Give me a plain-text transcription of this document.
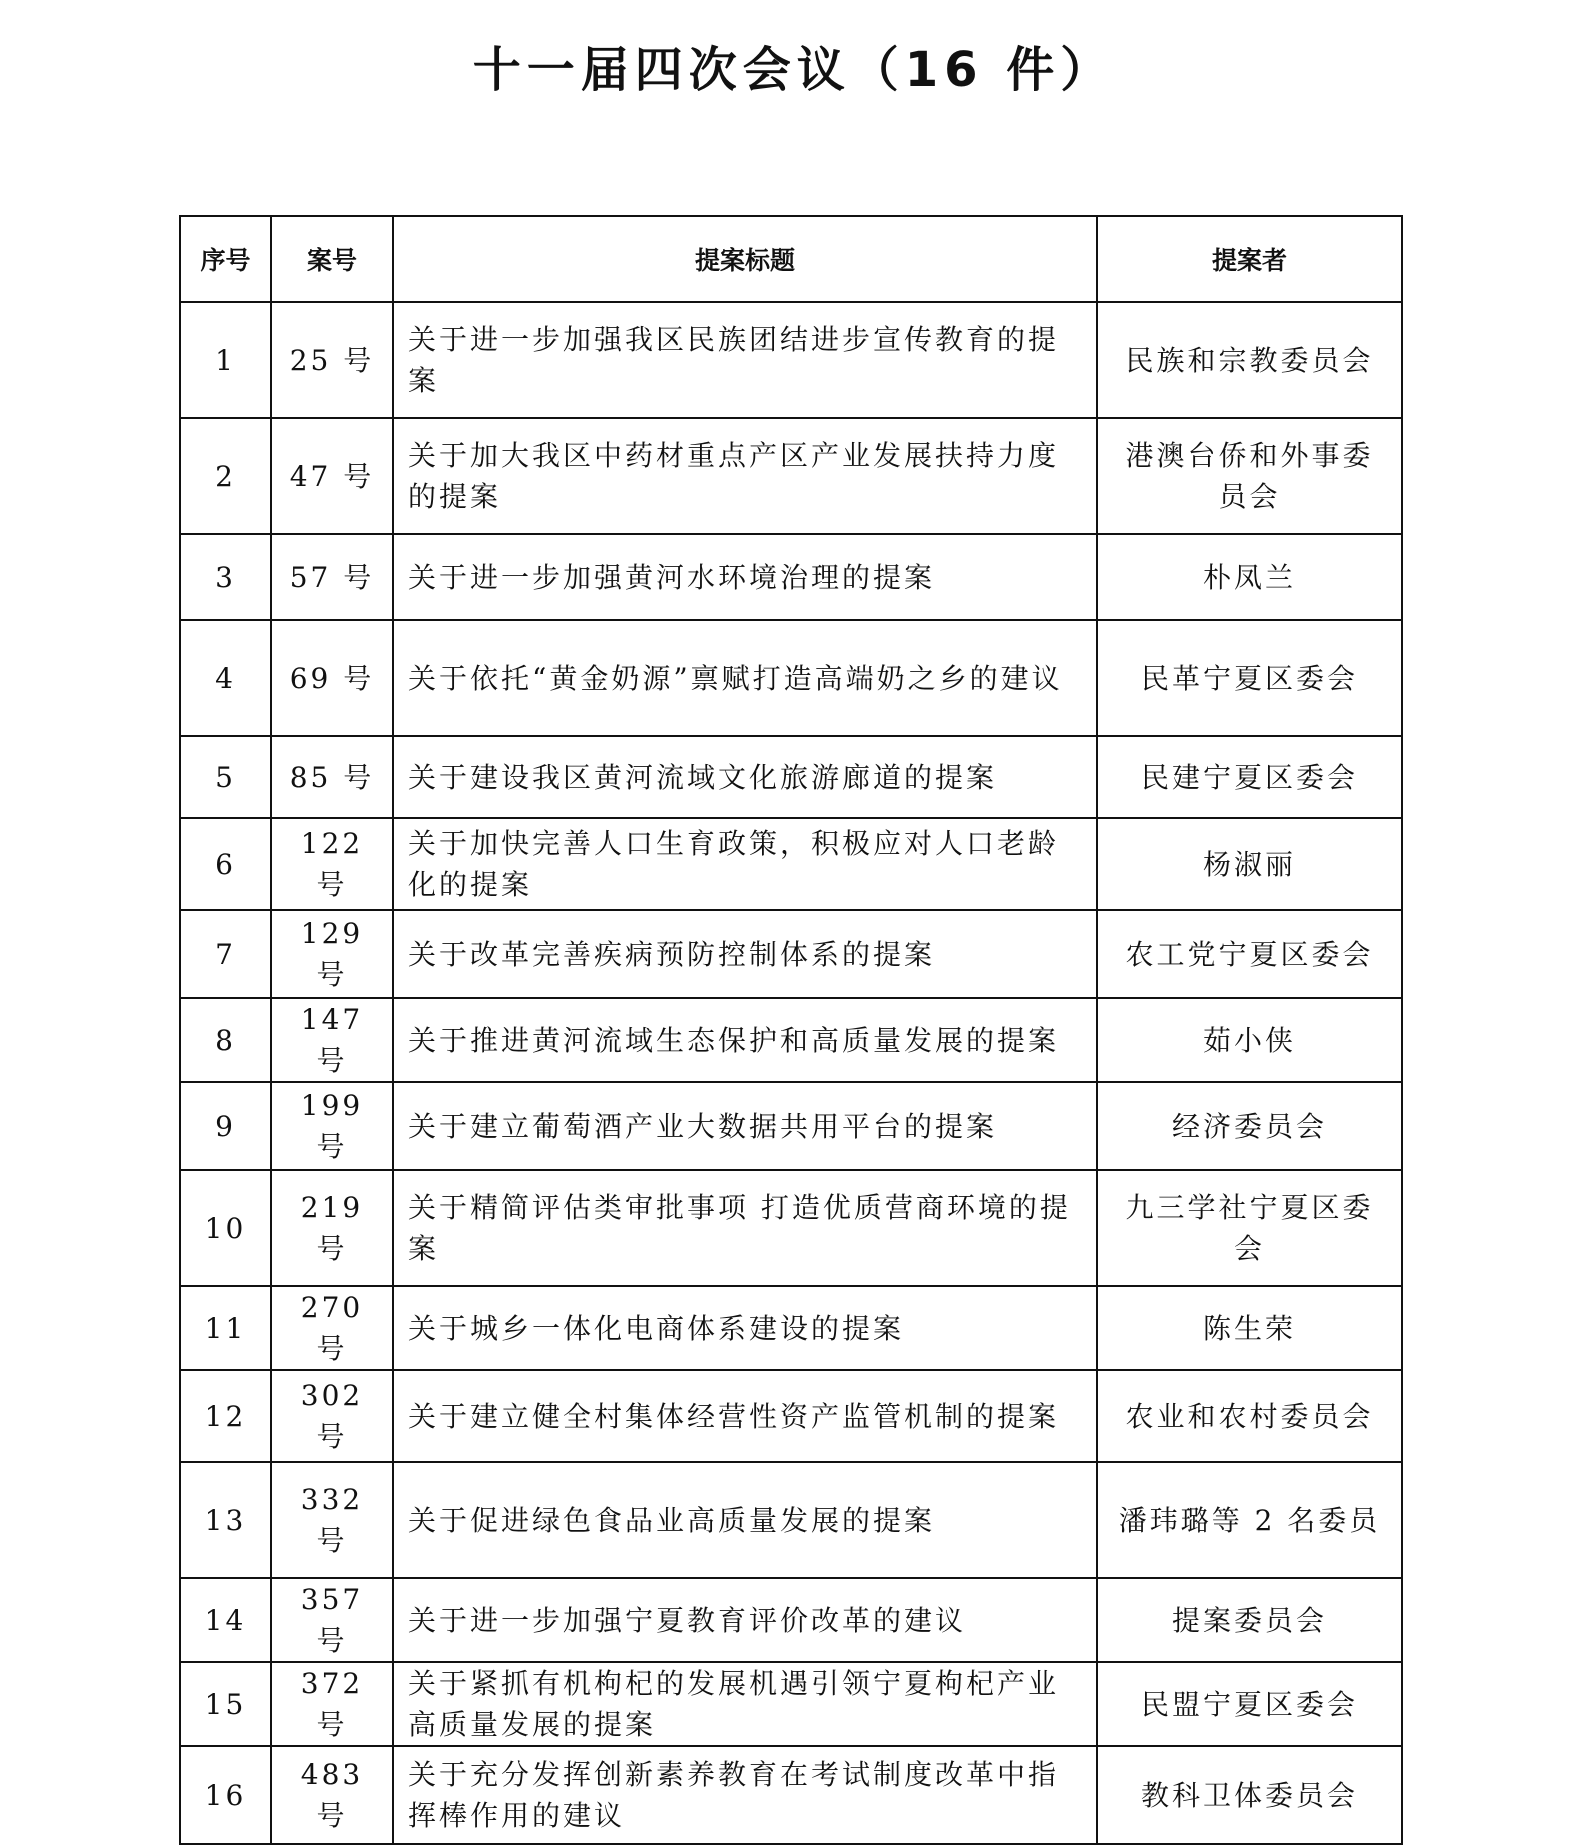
十一届四次会议（16 件）
序号	案号	提案标题	提案者
1	25 号	关于进一步加强我区民族团结进步宣传教育的提案	民族和宗教委员会
2	47 号	关于加大我区中药材重点产区产业发展扶持力度的提案	港澳台侨和外事委员会
3	57 号	关于进一步加强黄河水环境治理的提案	朴凤兰
4	69 号	关于依托“黄金奶源”禀赋打造高端奶之乡的建议	民革宁夏区委会
5	85 号	关于建设我区黄河流域文化旅游廊道的提案	民建宁夏区委会
6	122 号	关于加快完善人口生育政策，积极应对人口老龄化的提案	杨淑丽
7	129 号	关于改革完善疾病预防控制体系的提案	农工党宁夏区委会
8	147 号	关于推进黄河流域生态保护和高质量发展的提案	茹小侠
9	199 号	关于建立葡萄酒产业大数据共用平台的提案	经济委员会
10	219 号	关于精简评估类审批事项 打造优质营商环境的提案	九三学社宁夏区委会
11	270 号	关于城乡一体化电商体系建设的提案	陈生荣
12	302 号	关于建立健全村集体经营性资产监管机制的提案	农业和农村委员会
13	332 号	关于促进绿色食品业高质量发展的提案	潘玮璐等 2 名委员
14	357 号	关于进一步加强宁夏教育评价改革的建议	提案委员会
15	372 号	关于紧抓有机枸杞的发展机遇引领宁夏枸杞产业高质量发展的提案	民盟宁夏区委会
16	483 号	关于充分发挥创新素养教育在考试制度改革中指挥棒作用的建议	教科卫体委员会
